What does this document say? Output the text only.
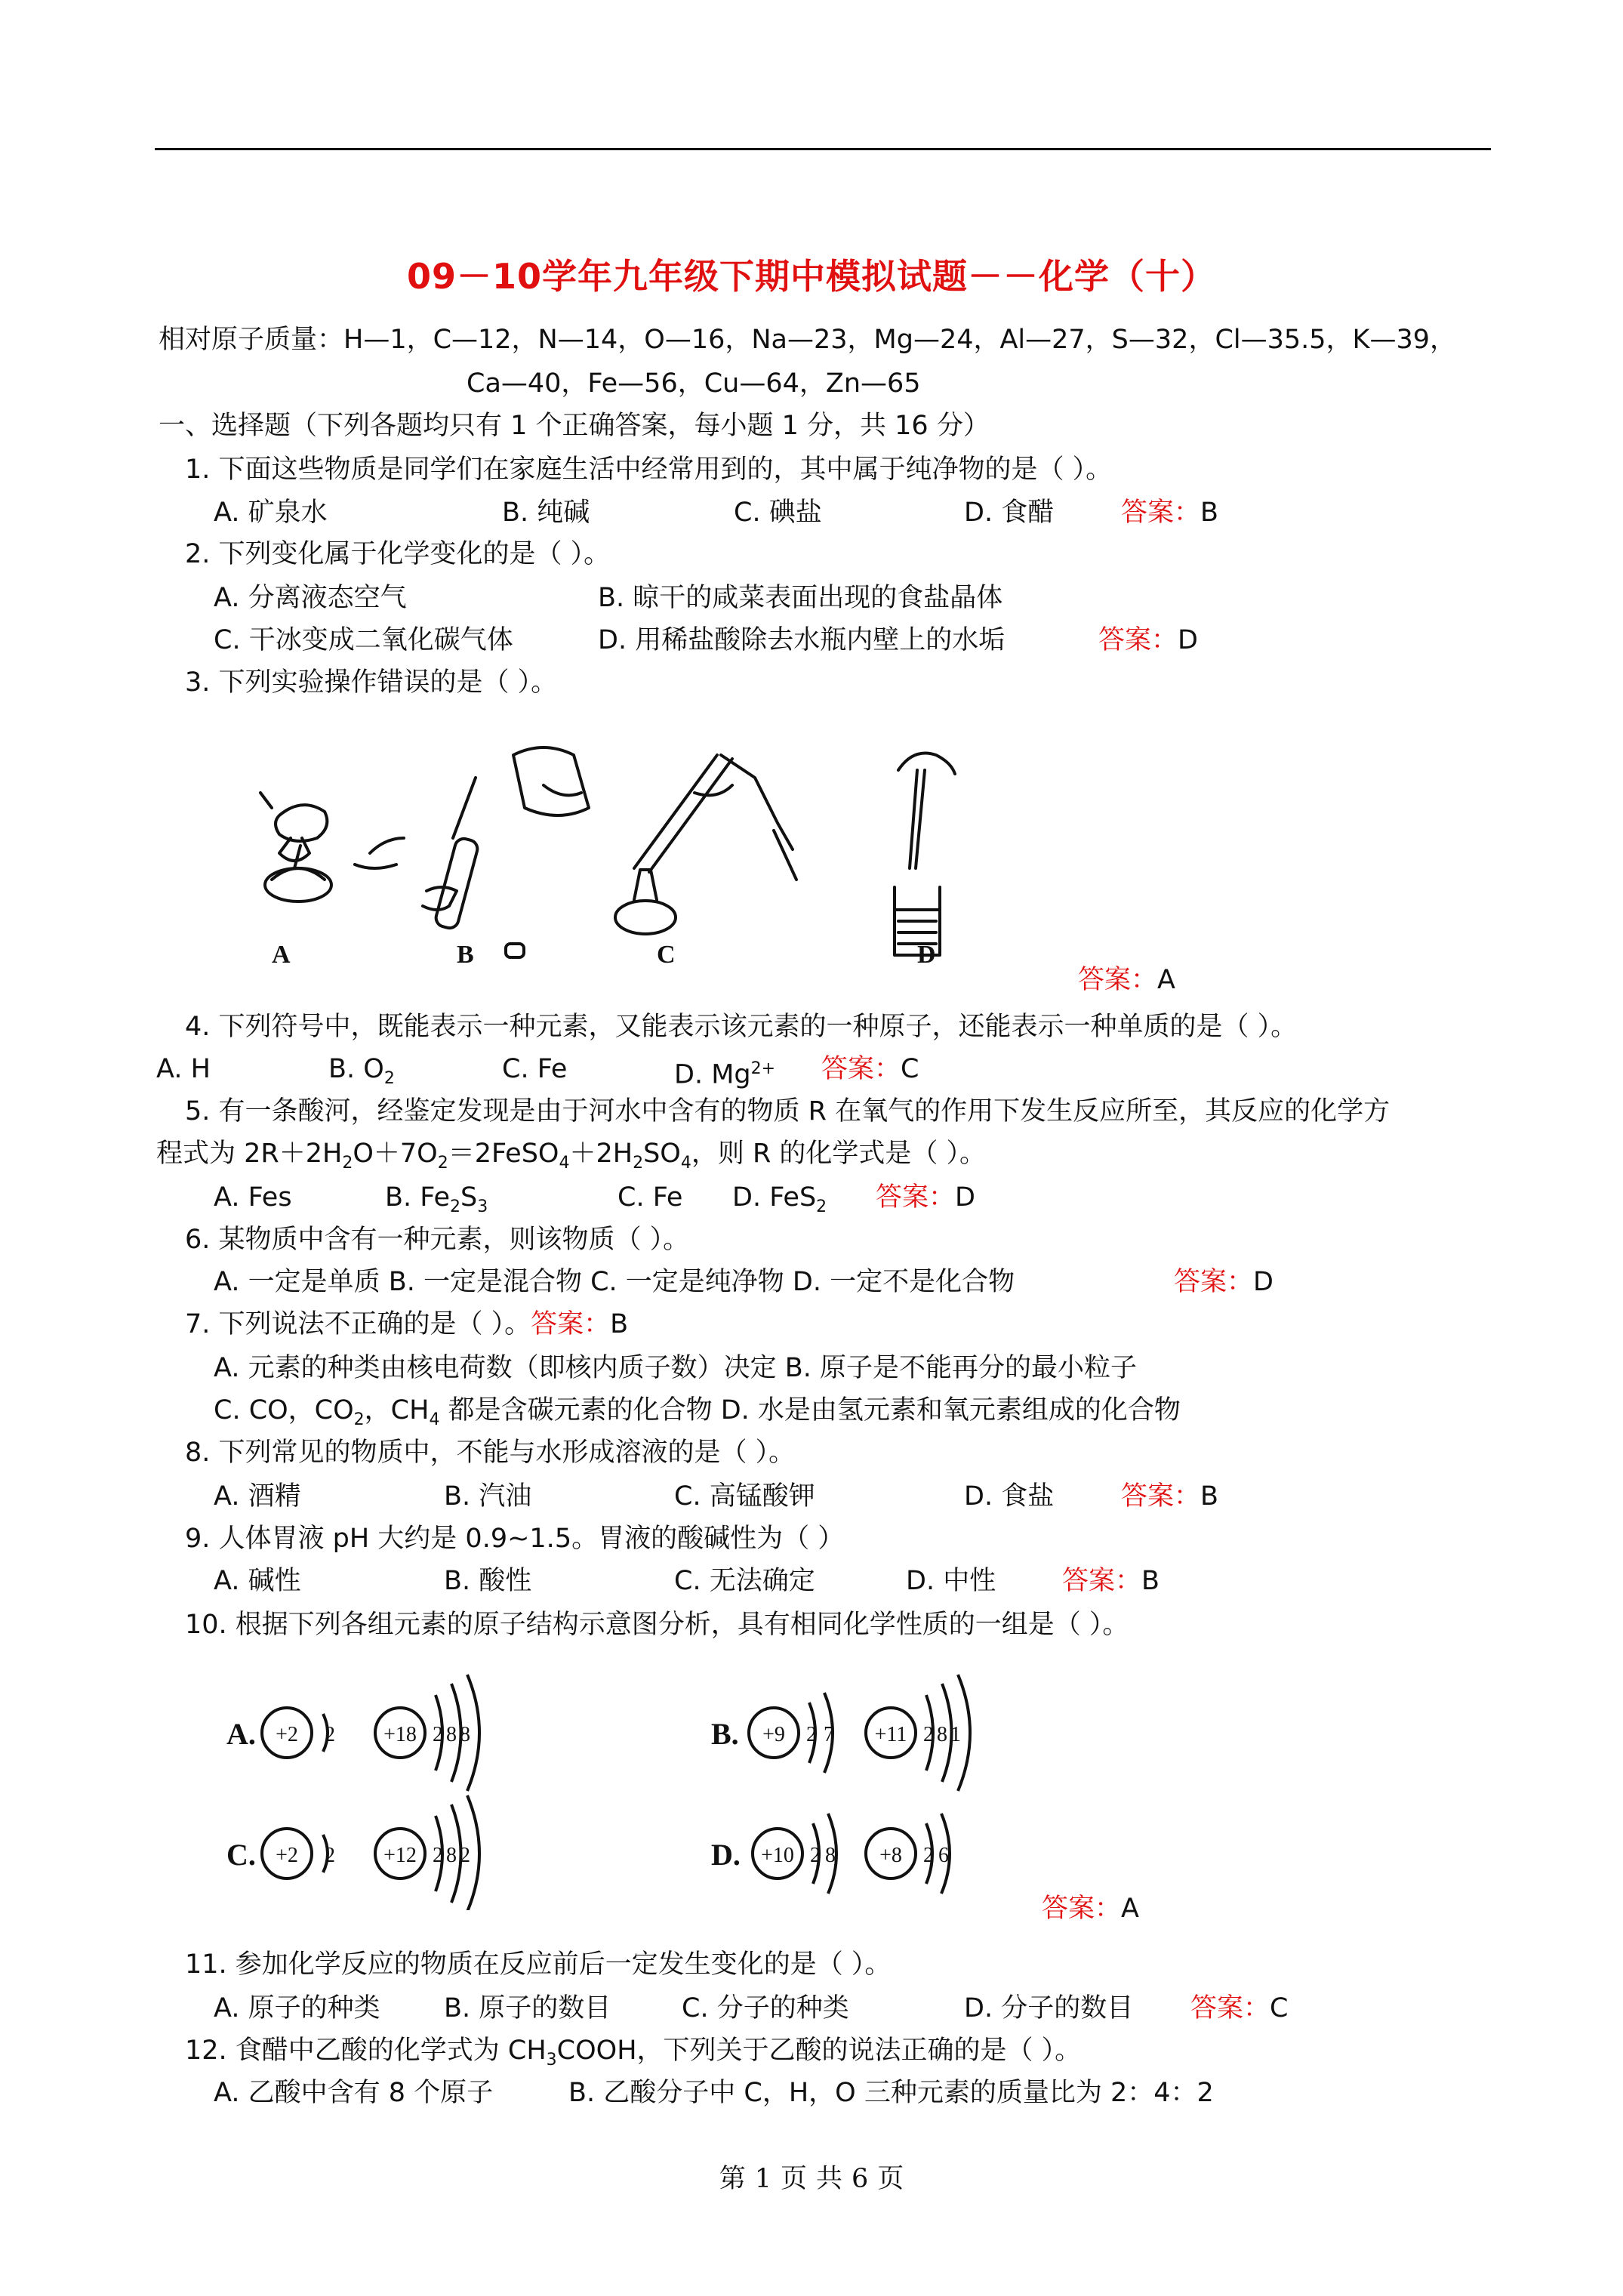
09－10学年九年级下期中模拟试题－－化学（十）
相对原子质量：H—1，C—12，N—14，O—16，Na—23，Mg—24，Al—27，S—32，Cl—35.5，K—39，
Ca—40，Fe—56，Cu—64，Zn—65
一、选择题（下列各题均只有 1 个正确答案，每小题 1 分，共 16 分）
1. 下面这些物质是同学们在家庭生活中经常用到的，其中属于纯净物的是（ ）。
A. 矿泉水	B. 纯碱	C. 碘盐	D. 食醋	答案：B
2. 下列变化属于化学变化的是（ ）。
A. 分离液态空气	B. 晾干的咸菜表面出现的食盐晶体
C. 干冰变成二氧化碳气体	D. 用稀盐酸除去水瓶内壁上的水垢	答案：D
3. 下列实验操作错误的是（ ）。
A	B	C	D
答案：A
4. 下列符号中，既能表示一种元素，又能表示该元素的一种原子，还能表示一种单质的是（ ）。
A. H	B. $O_2$	C. Fe	D. $Mg^{2+}$ 答案：C
5. 有一条酸河，经鉴定发现是由于河水中含有的物质 R 在氧气的作用下发生反应所至，其反应的化学方
程式为 $2R+2H_2O+7O_2=2FeSO_4+2H_2SO_4$，则 R 的化学式是（ ）。
A. Fes	B. $Fe_2S_3$	C. Fe D. FeS$_2$ 答案：D
6. 某物质中含有一种元素，则该物质（ ）。
A. 一定是单质 B. 一定是混合物 C. 一定是纯净物 D. 一定不是化合物	答案：D
7. 下列说法不正确的是（ ）。答案：B
A. 元素的种类由核电荷数（即核内质子数）决定 B. 原子是不能再分的最小粒子
C. CO，$CO_2$，$CH_4$ 都是含碳元素的化合物 D. 水是由氢元素和氧元素组成的化合物
8. 下列常见的物质中，不能与水形成溶液的是（ ）。
A. 酒精	B. 汽油	C. 高锰酸钾	D. 食盐	答案：B
9. 人体胃液 pH 大约是 0.9~1.5。胃液的酸碱性为（ ）
A. 碱性	B. 酸性	C. 无法确定	D. 中性	答案：B
10. 根据下列各组元素的原子结构示意图分析，具有相同化学性质的一组是（ ）。
A. +2 2 +18 2 8 8	B. +9 2 7 +11 2 8 1
C. +2 2 +12 2 8 2	D. +10 2 8 +8 2 6
答案：A
11. 参加化学反应的物质在反应前后一定发生变化的是（ ）。
A. 原子的种类 B. 原子的数目	C. 分子的种类	D. 分子的数目 答案：C
12. 食醋中乙酸的化学式为 $CH_3COOH$，下列关于乙酸的说法正确的是（ ）。
A. 乙酸中含有 8 个原子	B. 乙酸分子中 C，H，O 三种元素的质量比为 2：4：2
第 1 页 共 6 页
